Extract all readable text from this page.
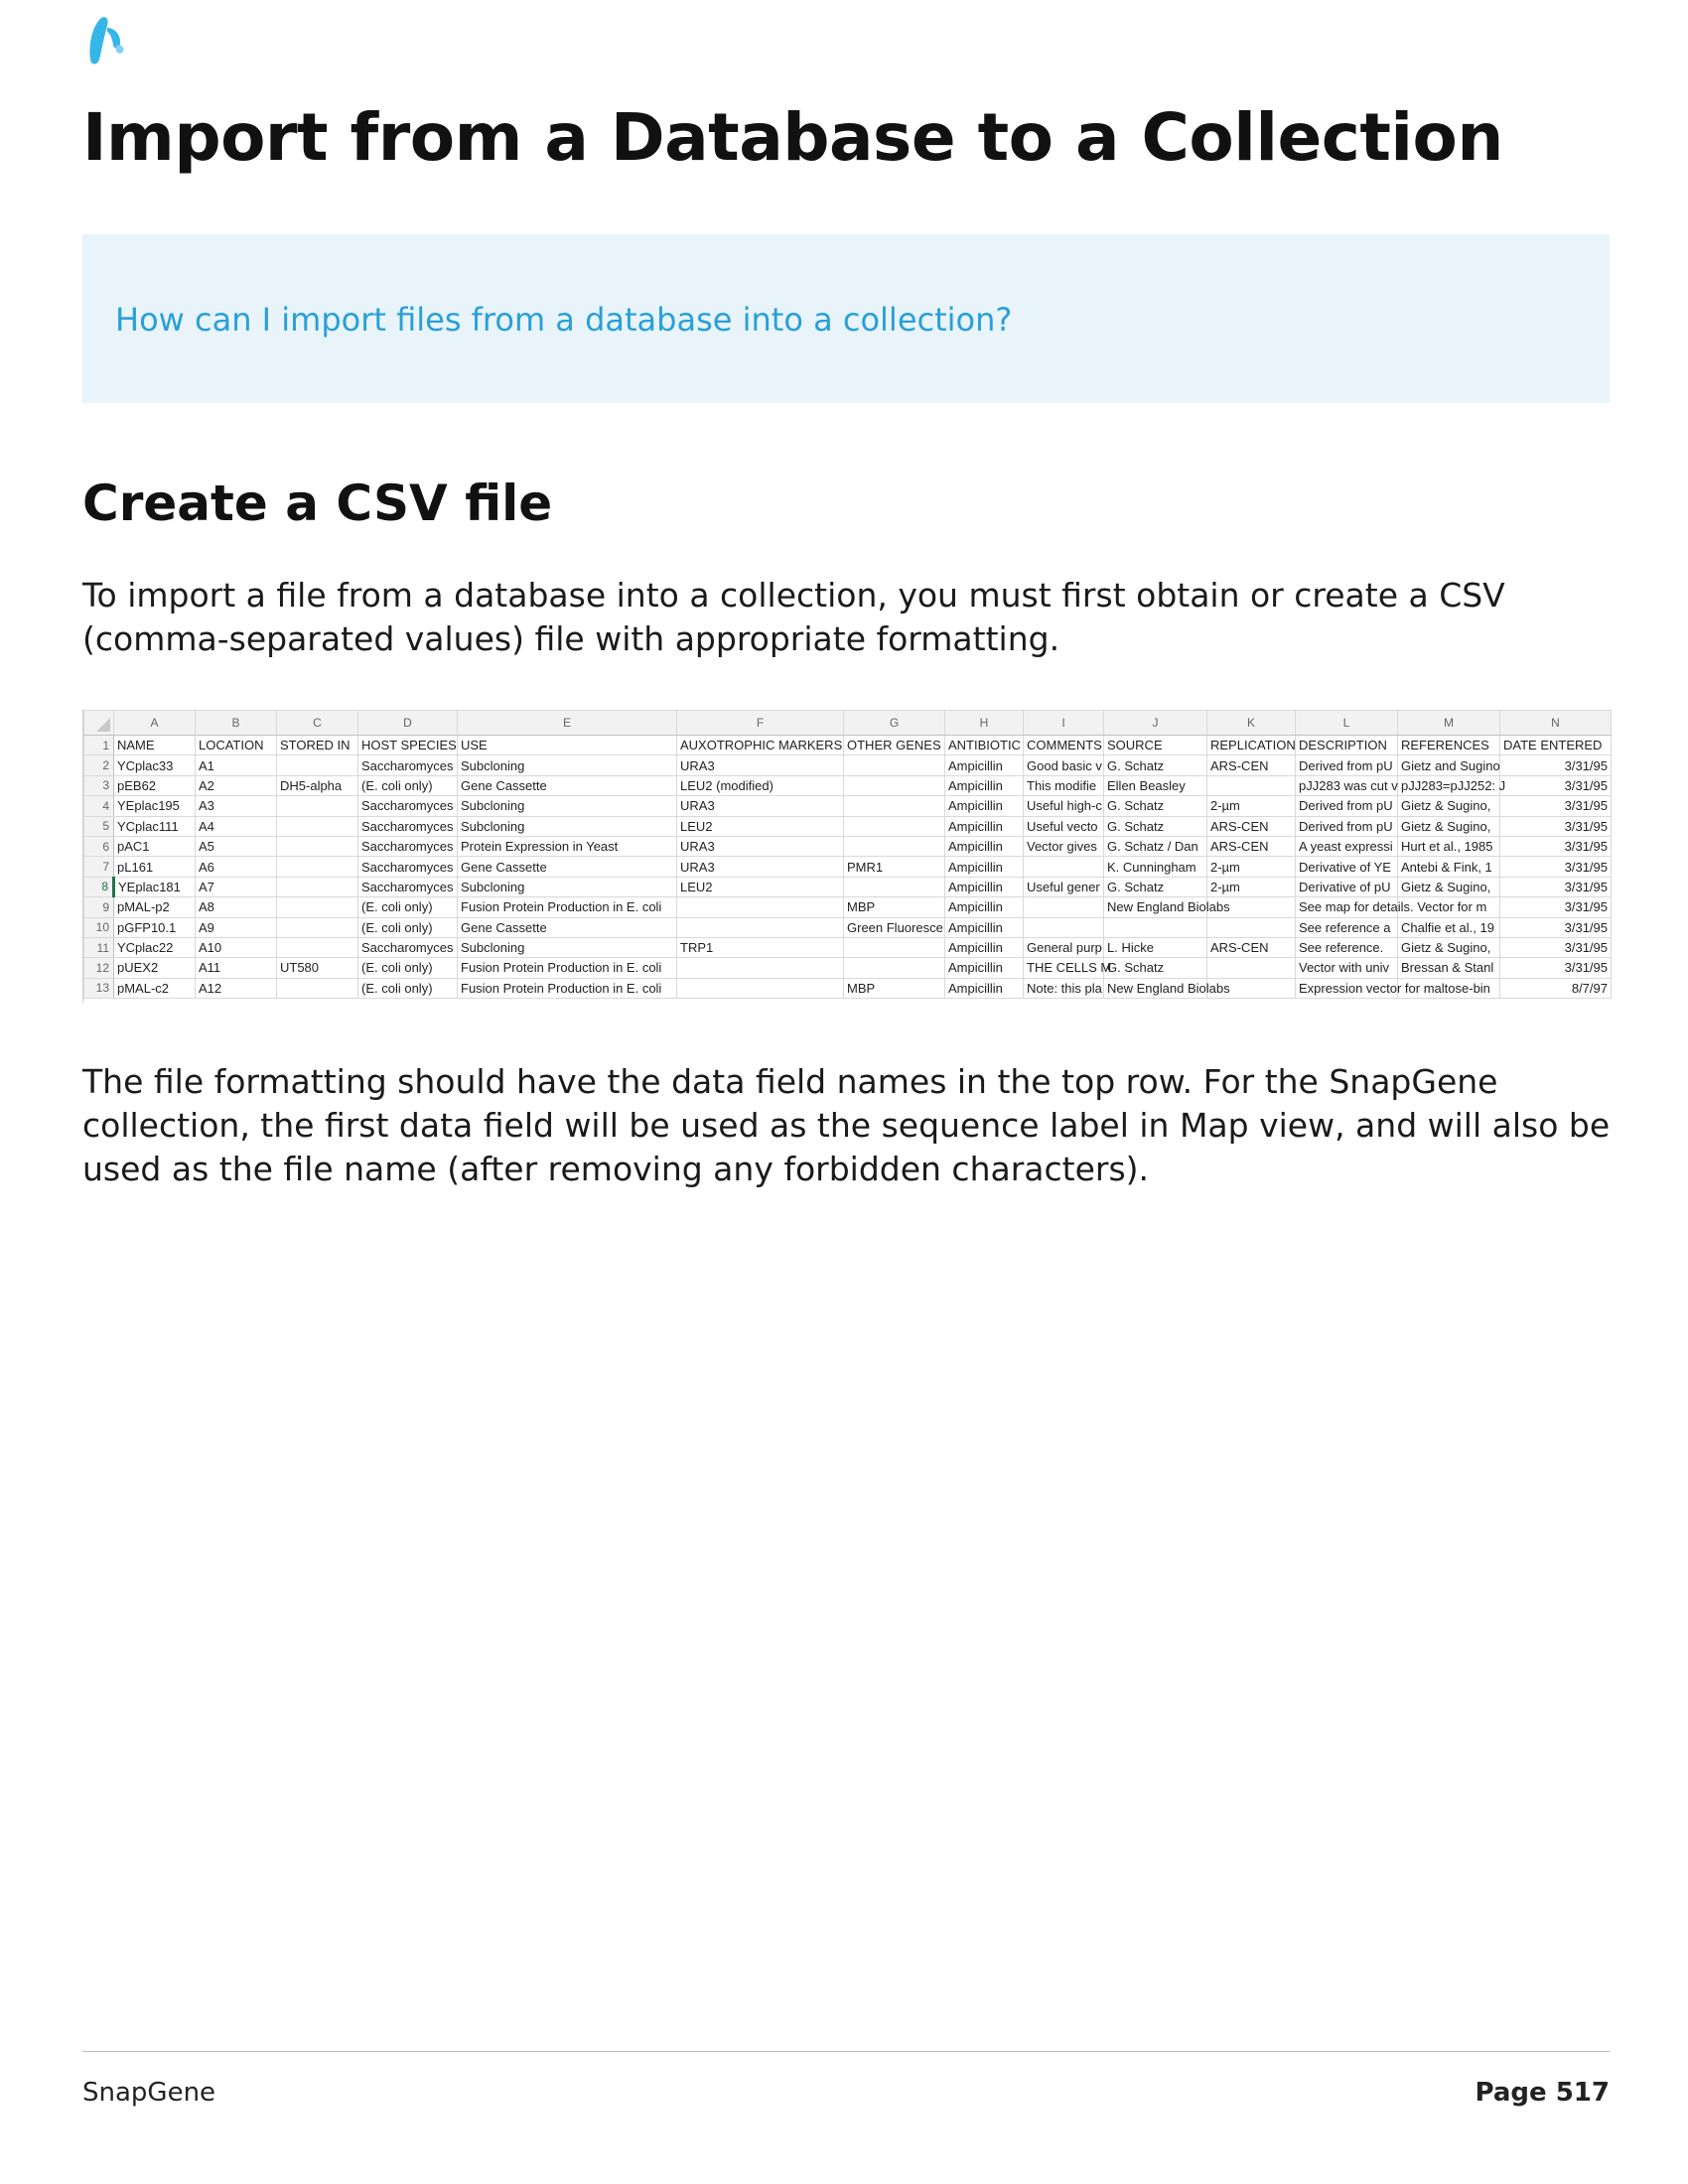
Import from a Database to a Collection
How can I import files from a database into a collection?
Create a CSV file

To import a file from a database into a collection, you must first obtain or create a CSV (comma-separated values) file with appropriate formatting.

	A	B	C	D	E	F	G	H	I	J	K	L	M	N
1	NAME	LOCATION	STORED IN	HOST SPECIES	USE	AUXOTROPHIC MARKERS	OTHER GENES	ANTIBIOTIC	COMMENTS	SOURCE	REPLICATION	DESCRIPTION	REFERENCES	DATE ENTERED
2	YCplac33	A1		Saccharomyces	Subcloning	URA3		Ampicillin	Good basic v	G. Schatz	ARS-CEN	Derived from pU	Gietz and Sugino	3/31/95
3	pEB62	A2	DH5-alpha	(E. coli only)	Gene Cassette	LEU2 (modified)		Ampicillin	This modifie	Ellen Beasley		pJJ283 was cut v	pJJ283=pJJ252: J	3/31/95
4	YEplac195	A3		Saccharomyces	Subcloning	URA3		Ampicillin	Useful high-c	G. Schatz	2-µm	Derived from pU	Gietz & Sugino,	3/31/95
5	YCplac111	A4		Saccharomyces	Subcloning	LEU2		Ampicillin	Useful vecto	G. Schatz	ARS-CEN	Derived from pU	Gietz & Sugino,	3/31/95
6	pAC1	A5		Saccharomyces	Protein Expression in Yeast	URA3		Ampicillin	Vector gives	G. Schatz / Dan	ARS-CEN	A yeast expressi	Hurt et al., 1985	3/31/95
7	pL161	A6		Saccharomyces	Gene Cassette	URA3	PMR1	Ampicillin		K. Cunningham	2-µm	Derivative of YE	Antebi & Fink, 1	3/31/95
8	YEplac181	A7		Saccharomyces	Subcloning	LEU2		Ampicillin	Useful gener	G. Schatz	2-µm	Derivative of pU	Gietz & Sugino,	3/31/95
9	pMAL-p2	A8		(E. coli only)	Fusion Protein Production in E. coli		MBP	Ampicillin		New England Biolabs		See map for details. Vector for m		3/31/95
10	pGFP10.1	A9		(E. coli only)	Gene Cassette		Green Fluoresce	Ampicillin				See reference a	Chalfie et al., 19	3/31/95
11	YCplac22	A10		Saccharomyces	Subcloning	TRP1		Ampicillin	General purp	L. Hicke	ARS-CEN	See reference.	Gietz & Sugino,	3/31/95
12	pUEX2	A11	UT580	(E. coli only)	Fusion Protein Production in E. coli			Ampicillin	THE CELLS M	G. Schatz		Vector with univ	Bressan & Stanl	3/31/95
13	pMAL-c2	A12		(E. coli only)	Fusion Protein Production in E. coli		MBP	Ampicillin	Note: this pla	New England Biolabs		Expression vector for maltose-bin		8/7/97

The file formatting should have the data field names in the top row. For the SnapGene collection, the first data field will be used as the sequence label in Map view, and will also be used as the file name (after removing any forbidden characters).

SnapGene	Page 517
